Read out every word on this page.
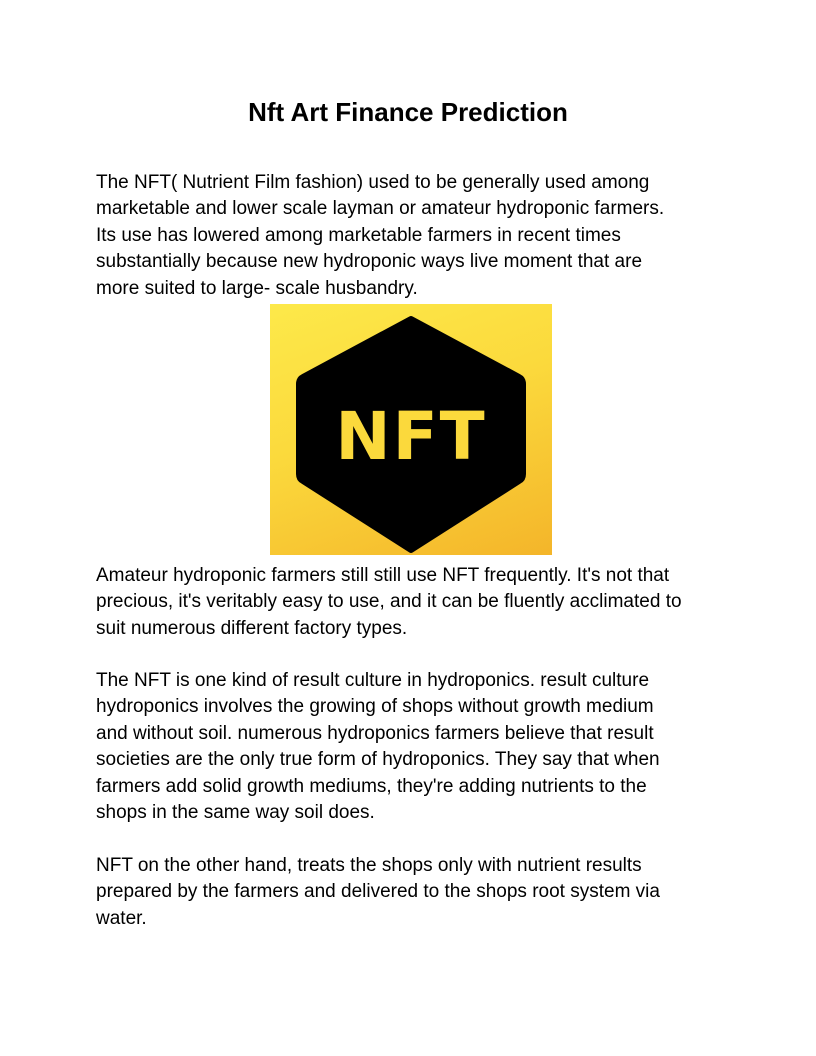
Nft Art Finance Prediction

The NFT( Nutrient Film fashion) used to be generally used among
marketable and lower scale layman or amateur hydroponic farmers.
Its use has lowered among marketable farmers in recent times
substantially because new hydroponic ways live moment that are
more suited to large- scale husbandry.

NFT

Amateur hydroponic farmers still still use NFT frequently. It's not that
precious, it's veritably easy to use, and it can be fluently acclimated to
suit numerous different factory types.

The NFT is one kind of result culture in hydroponics. result culture
hydroponics involves the growing of shops without growth medium
and without soil. numerous hydroponics farmers believe that result
societies are the only true form of hydroponics. They say that when
farmers add solid growth mediums, they're adding nutrients to the
shops in the same way soil does.

NFT on the other hand, treats the shops only with nutrient results
prepared by the farmers and delivered to the shops root system via
water.
